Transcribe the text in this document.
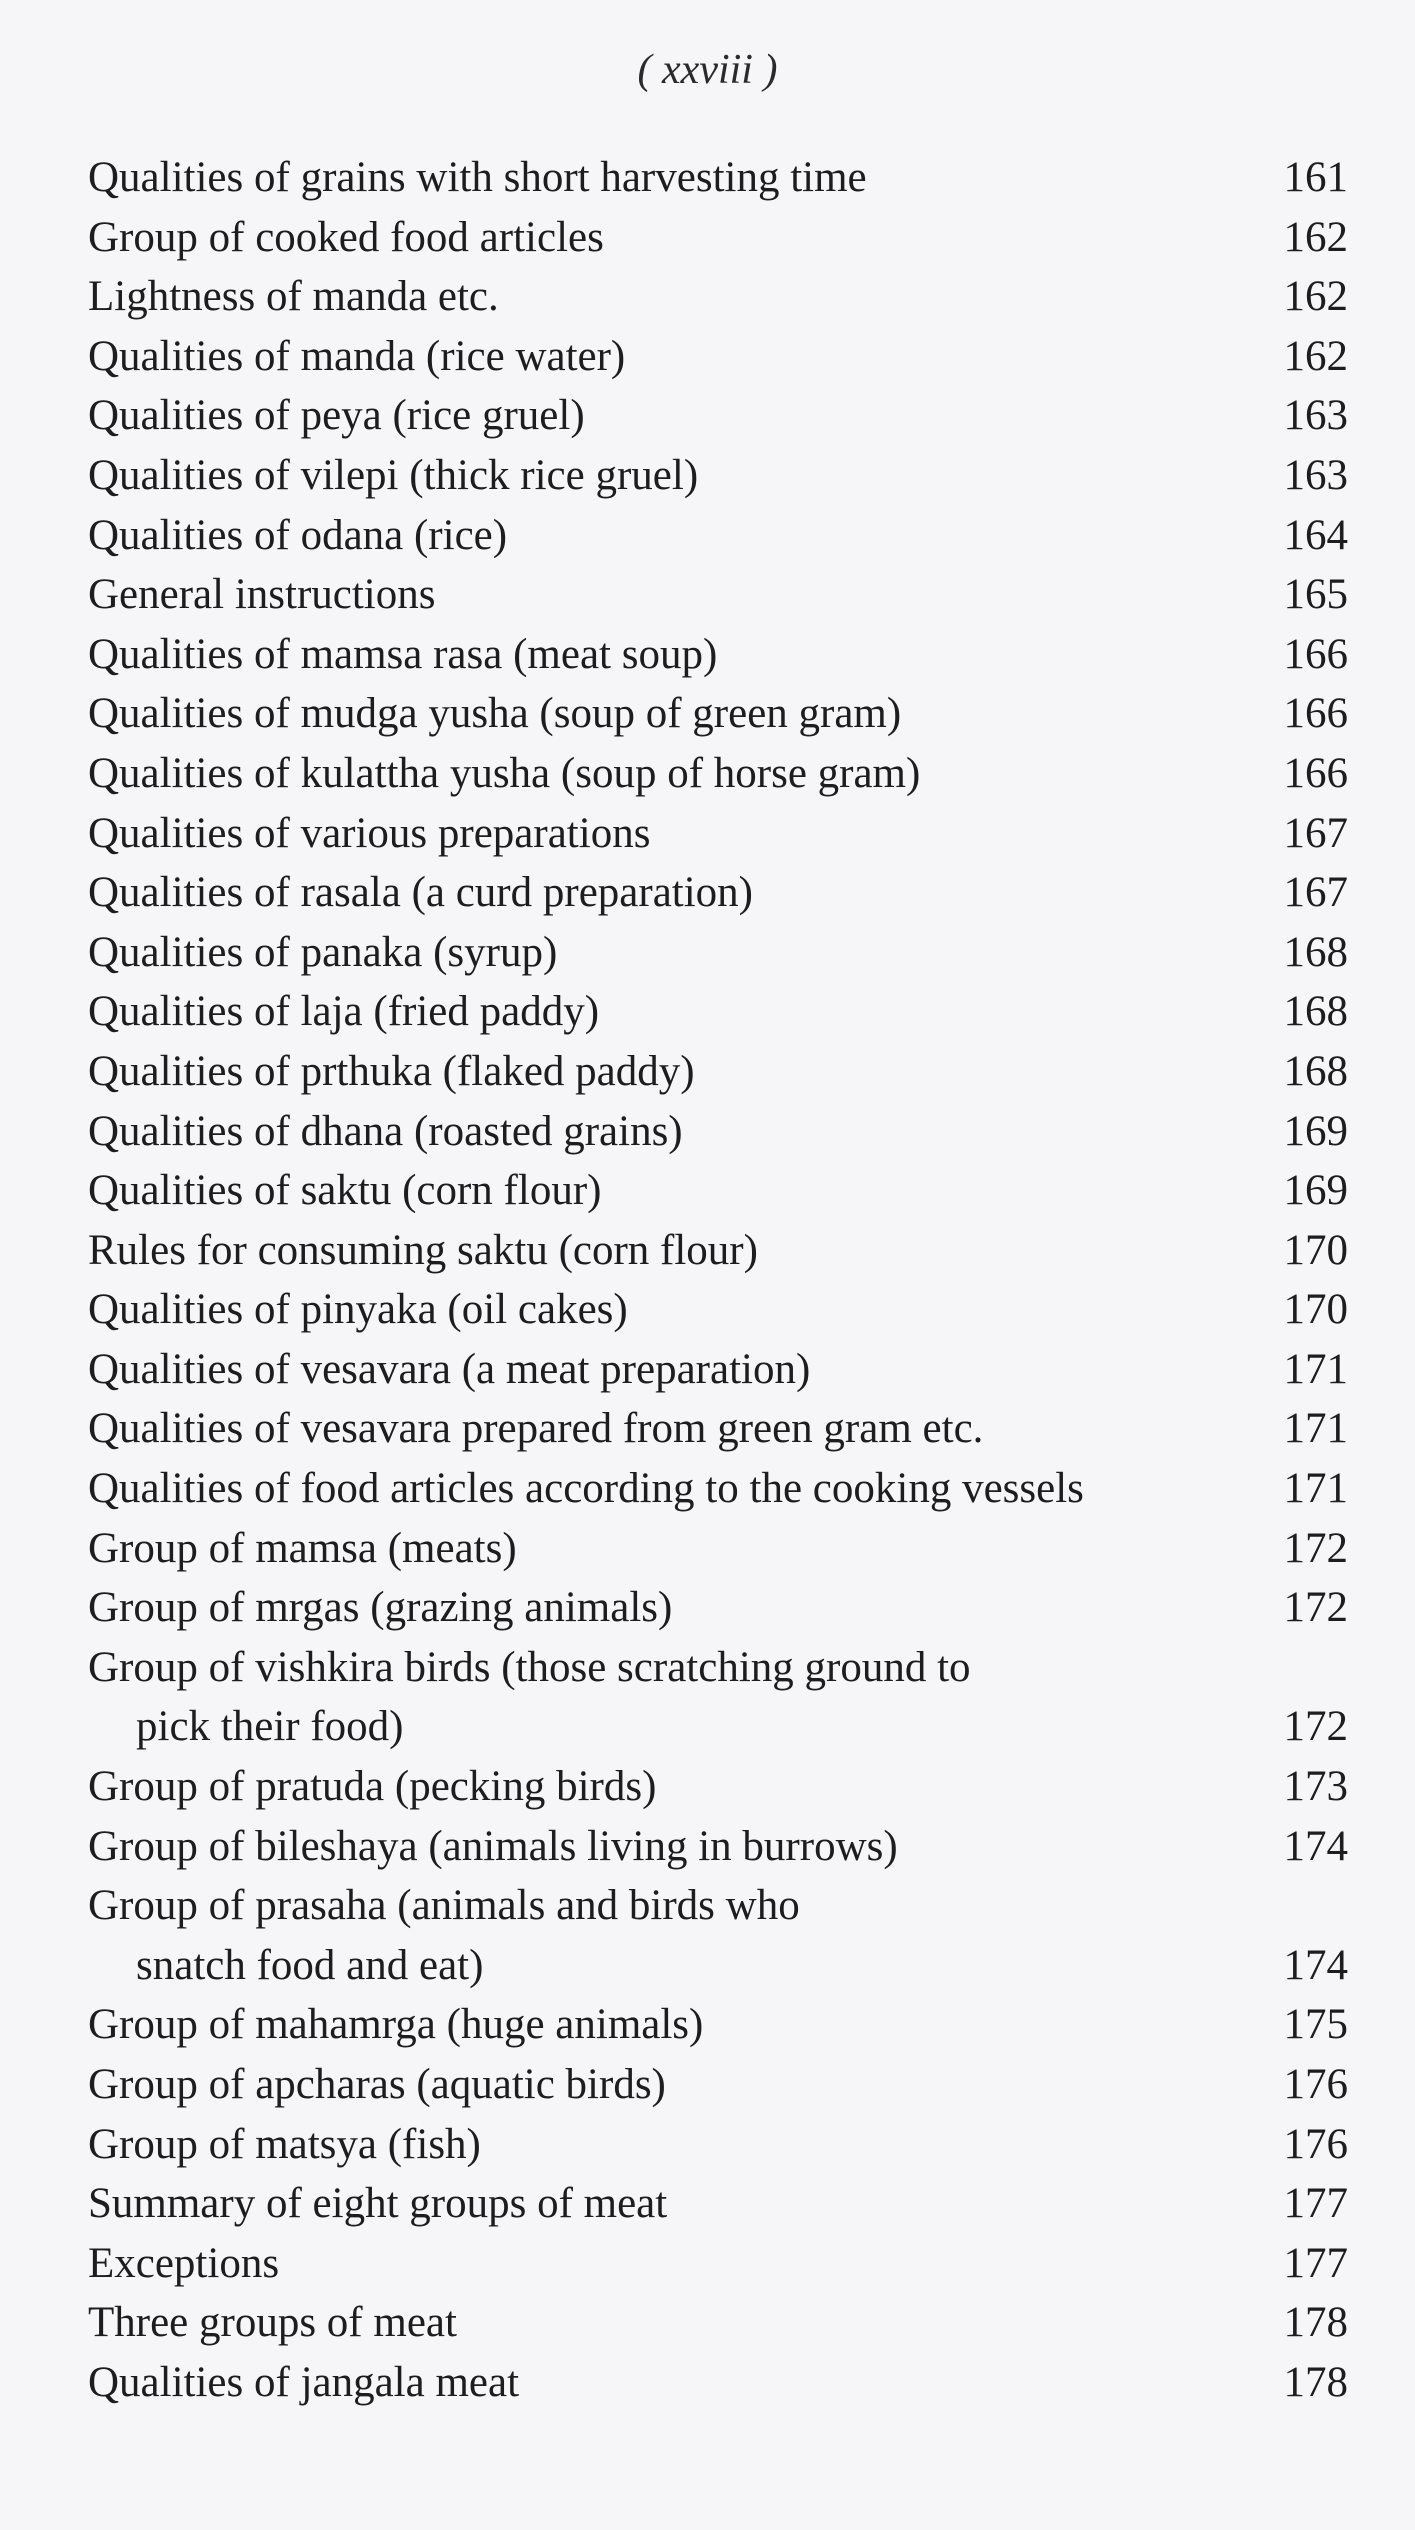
( xxviii )
Qualities of grains with short harvesting time	161
Group of cooked food articles	162
Lightness of manda etc.	162
Qualities of manda (rice water)	162
Qualities of peya (rice gruel)	163
Qualities of vilepi (thick rice gruel)	163
Qualities of odana (rice)	164
General instructions	165
Qualities of mamsa rasa (meat soup)	166
Qualities of mudga yusha (soup of green gram)	166
Qualities of kulattha yusha (soup of horse gram)	166
Qualities of various preparations	167
Qualities of rasala (a curd preparation)	167
Qualities of panaka (syrup)	168
Qualities of laja (fried paddy)	168
Qualities of prthuka (flaked paddy)	168
Qualities of dhana (roasted grains)	169
Qualities of saktu (corn flour)	169
Rules for consuming saktu (corn flour)	170
Qualities of pinyaka (oil cakes)	170
Qualities of vesavara (a meat preparation)	171
Qualities of vesavara prepared from green gram etc.	171
Qualities of food articles according to the cooking vessels	171
Group of mamsa (meats)	172
Group of mrgas (grazing animals)	172
Group of vishkira birds (those scratching ground to
pick their food)	172
Group of pratuda (pecking birds)	173
Group of bileshaya (animals living in burrows)	174
Group of prasaha (animals and birds who
snatch food and eat)	174
Group of mahamrga (huge animals)	175
Group of apcharas (aquatic birds)	176
Group of matsya (fish)	176
Summary of eight groups of meat	177
Exceptions	177
Three groups of meat	178
Qualities of jangala meat	178
